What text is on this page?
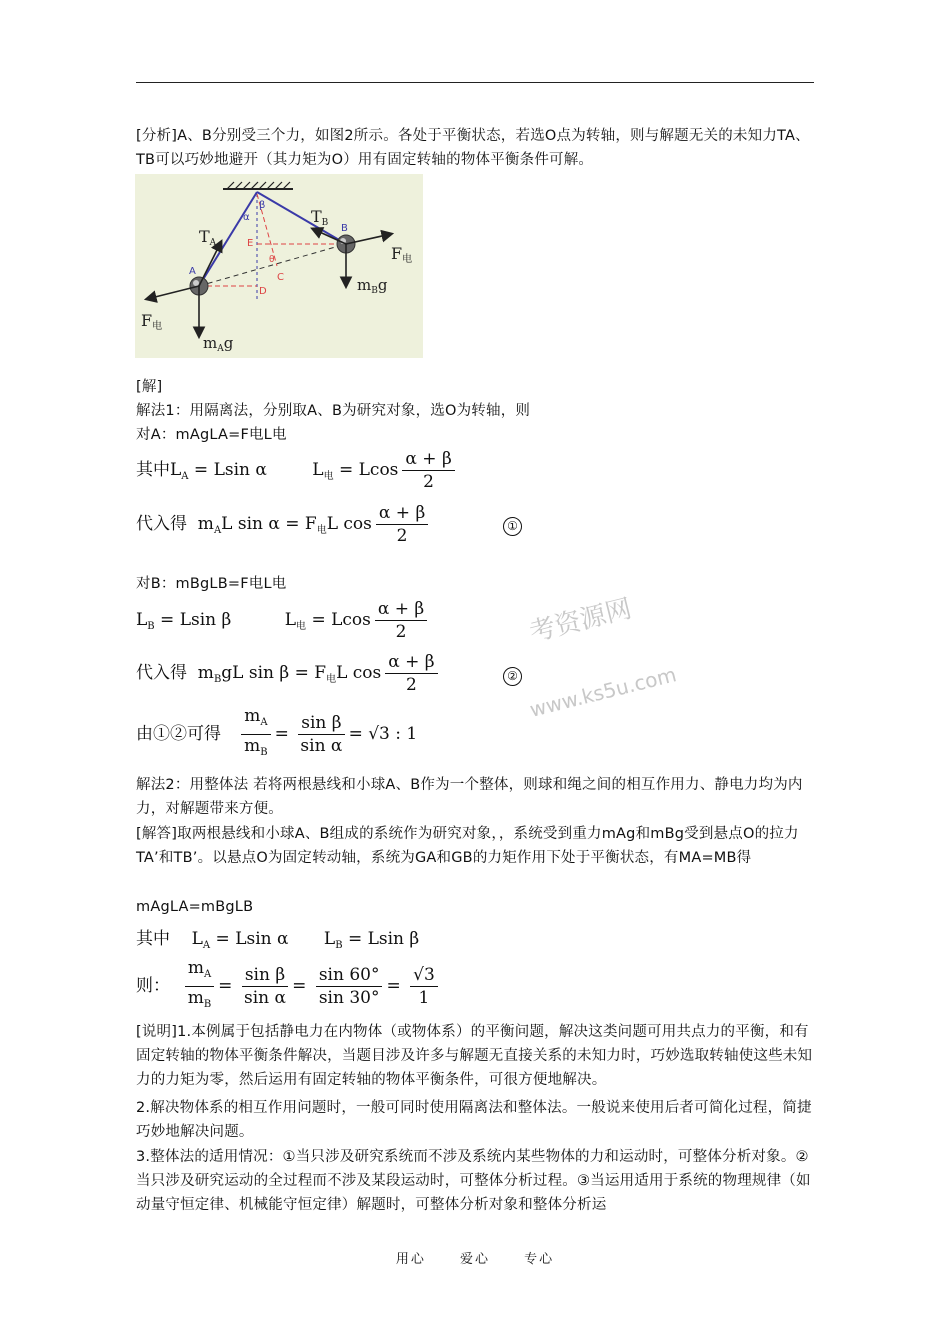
[分析]A、B分别受三个力，如图2所示。各处于平衡状态，若选O点为转轴，则与解题无关的未知力TA、TB可以巧妙地避开（其力矩为O）用有固定转轴的物体平衡条件可解。
TA
TB
F电
F电
$m_Ag$
$m_Bg$
A
B
C
D
E
α
β
θ
[解]
解法1：用隔离法，分别取A、B为研究对象，选O为转轴，则
对A：mAgLA=F电L电
其中$L_A = Lsin$ α $L_电 = Lcos \frac{\alpha + \beta}{2}$
代入得  $m_AL$ $\sin \alpha = F_电L$ $\cos \frac{\alpha + \beta}{2}$	①
对B：mBgLB=F电L电
$L_B = Lsin$ β	$L_电 = Lcos \frac{\alpha + \beta}{2}$
代入得  $m_BgL$ $\sin \beta = F_电L$ $\cos \frac{\alpha + \beta}{2}$	②
由①②可得 $\frac{m_A}{m_B} = \frac{\text{sin β}}{\text{sin α}} = √3$ : 1
解法2：用整体法 若将两根悬线和小球A、B作为一个整体，则球和绳之间的相互作用力、静电力均为内力，对解题带来方便。
[解答]取两根悬线和小球A、B组成的系统作为研究对象，，系统受到重力mAg和mBg受到悬点O的拉力TA’和TB’。以悬点O为固定转动轴，系统为GA和GB的力矩作用下处于平衡状态，有MA=MB得
mAgLA=mBgLB
其中    $L_A = Lsin$ α $L_B = Lsin$ β
则： $\frac{m_A}{m_B} = \frac{\text{sin β}}{\text{sin α}} = \frac{\sin 60^\circ}{\sin 30^\circ} = \frac{√3}{1}$
[说明]1.本例属于包括静电力在内物体（或物体系）的平衡问题，解决这类问题可用共点力的平衡，和有固定转轴的物体平衡条件解决，当题目涉及许多与解题无直接关系的未知力时，巧妙选取转轴使这些未知力的力矩为零，然后运用有固定转轴的物体平衡条件，可很方便地解决。
2.解决物体系的相互作用问题时，一般可同时使用隔离法和整体法。一般说来使用后者可简化过程，简捷巧妙地解决问题。
3.整体法的适用情况：①当只涉及研究系统而不涉及系统内某些物体的力和运动时，可整体分析对象。②当只涉及研究运动的全过程而不涉及某段运动时，可整体分析过程。③当运用适用于系统的物理规律（如动量守恒定律、机械能守恒定律）解题时，可整体分析对象和整体分析运
考资源网
www.ks5u.com
用心	爱心	专心
